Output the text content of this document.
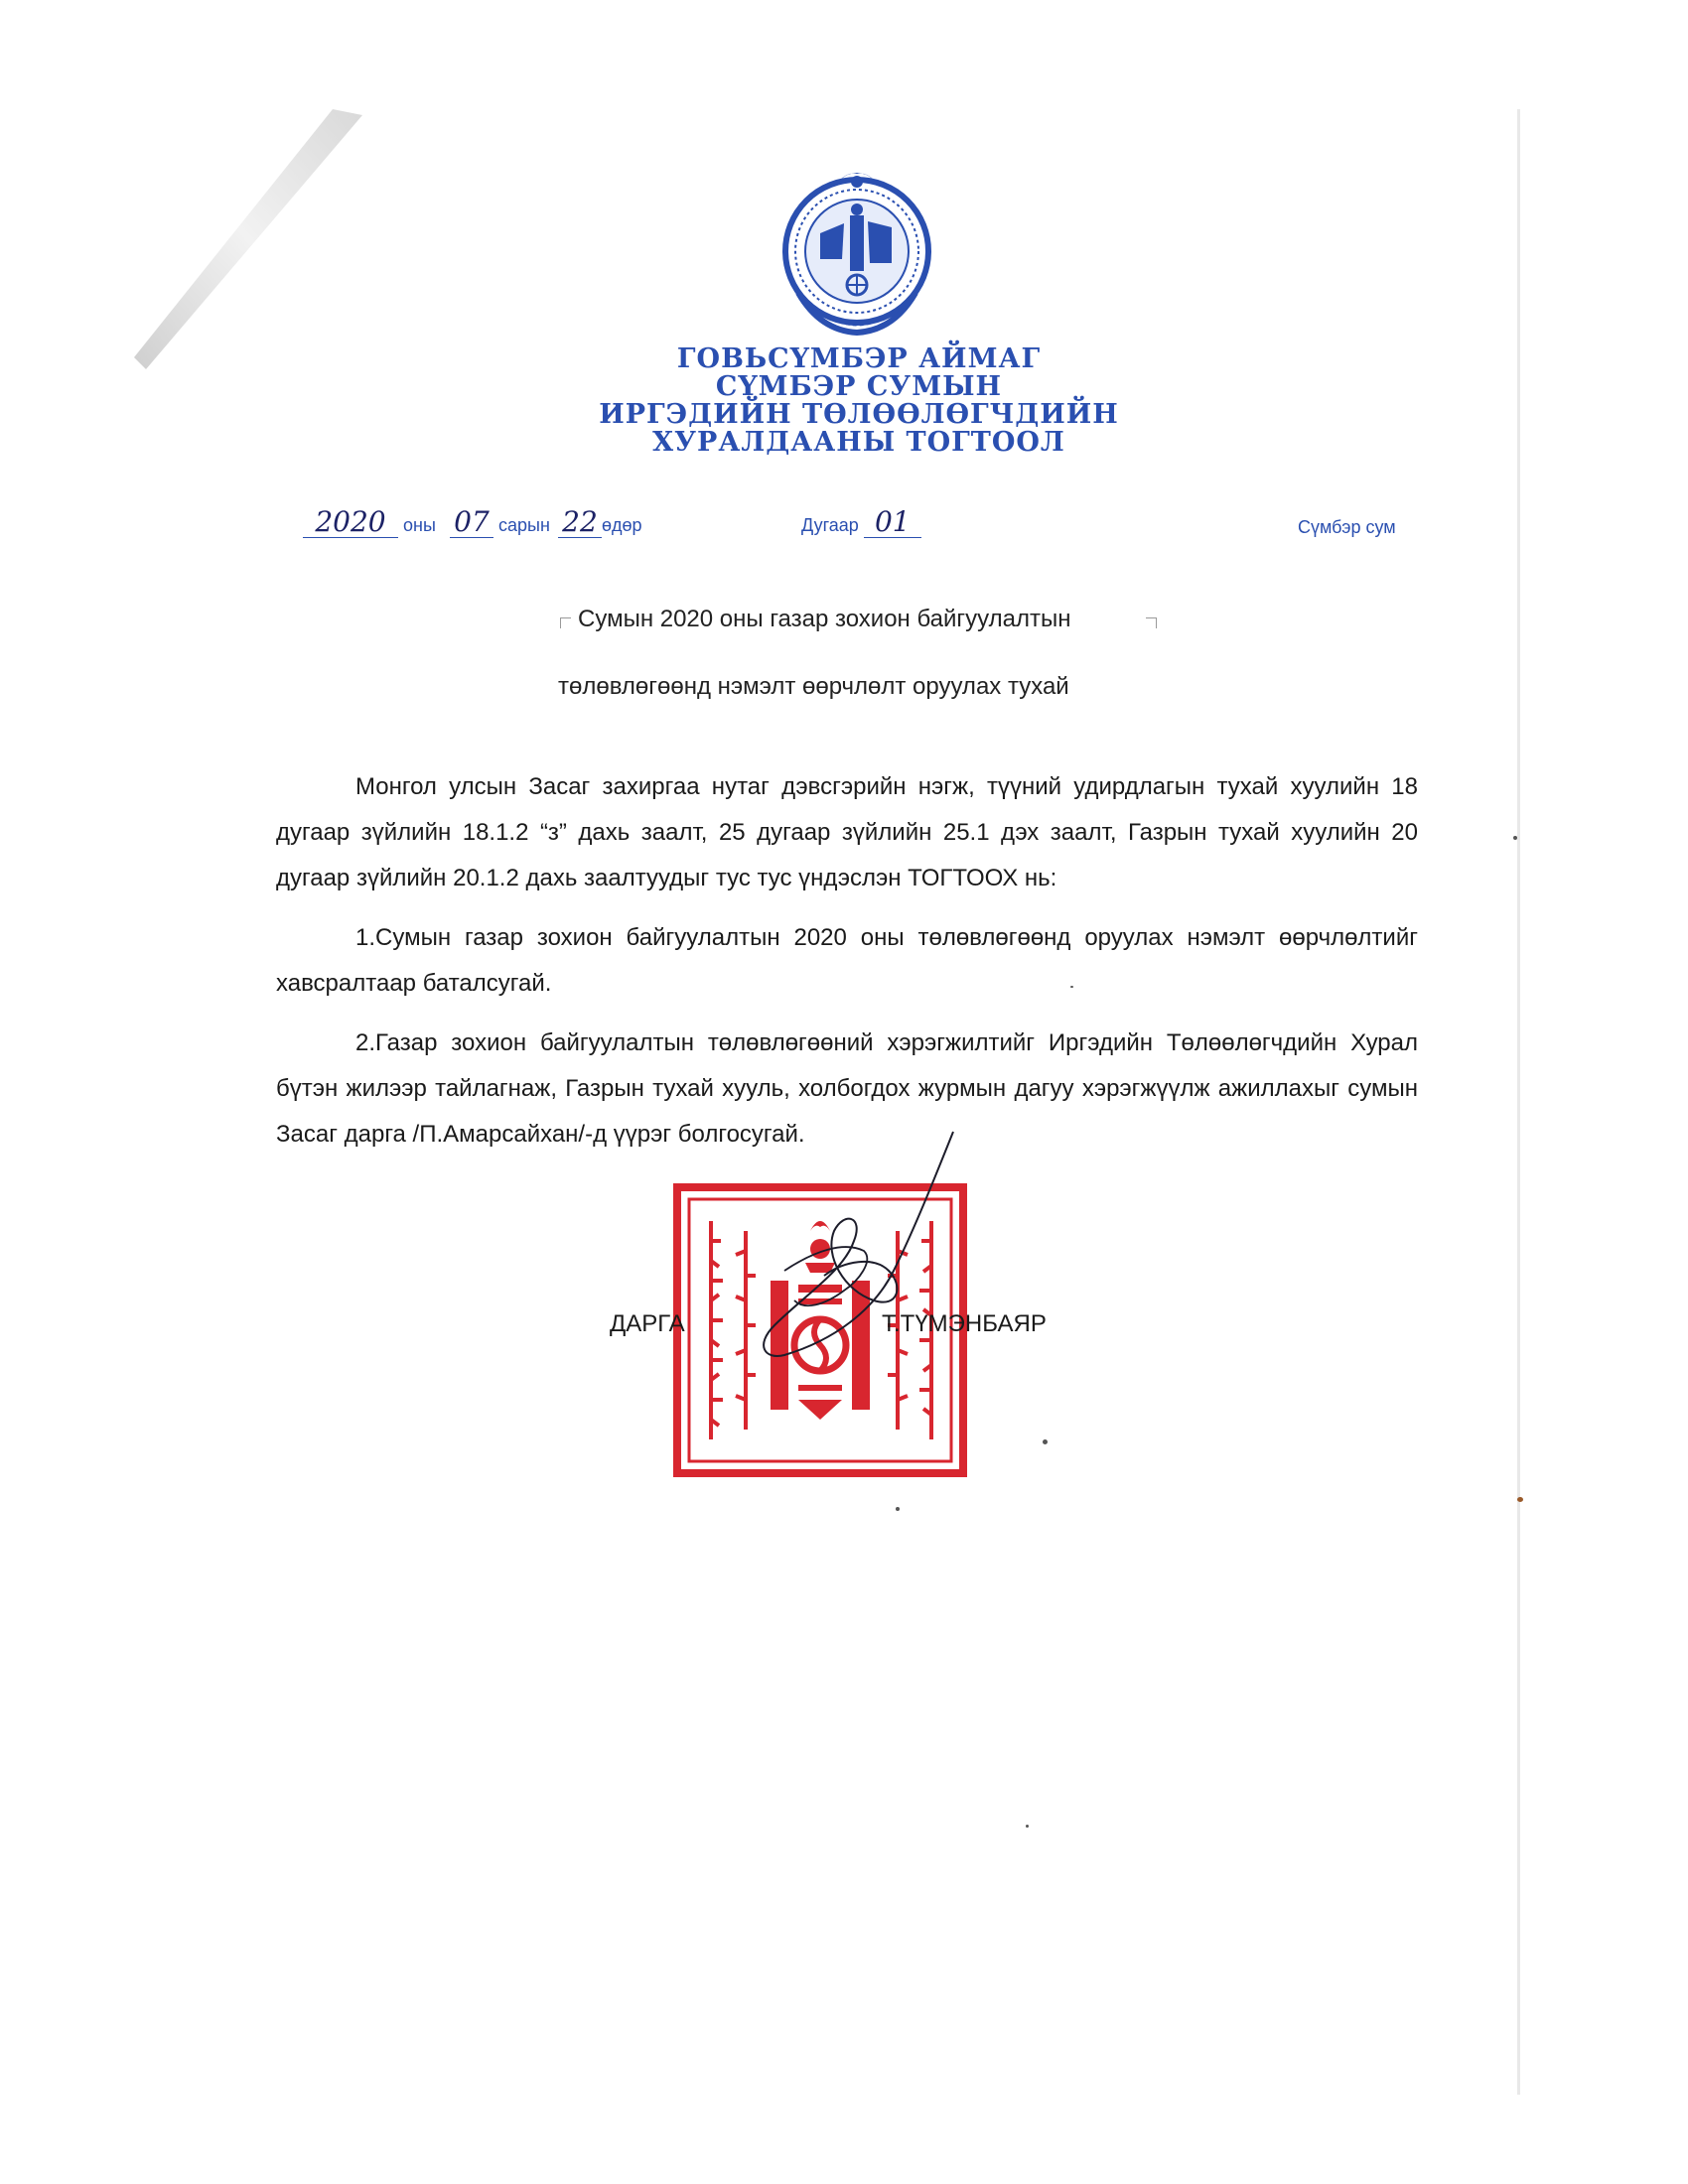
ГОВЬСҮМБЭР АЙМАГ
СҮМБЭР СУМЫН
ИРГЭДИЙН ТӨЛӨӨЛӨГЧДИЙН
ХУРАЛДААНЫ ТОГТООЛ
2020 оны 07 сарын 22 өдөр	Дугаар 01	Сүмбэр сум
Сумын 2020 оны газар зохион байгуулалтын
төлөвлөгөөнд нэмэлт өөрчлөлт оруулах тухай

Монгол улсын Засаг захиргаа нутаг дэвсгэрийн нэгж, түүний удирдлагын тухай хуулийн 18 дугаар зүйлийн 18.1.2 “з” дахь заалт, 25 дугаар зүйлийн 25.1 дэх заалт, Газрын тухай хуулийн 20 дугаар зүйлийн 20.1.2 дахь заалтуудыг тус тус үндэслэн ТОГТООХ нь:

1.Сумын газар зохион байгуулалтын 2020 оны төлөвлөгөөнд оруулах нэмэлт өөрчлөлтийг хавсралтаар баталсугай.

2.Газар зохион байгуулалтын төлөвлөгөөний хэрэгжилтийг Иргэдийн Төлөөлөгчдийн Хурал бүтэн жилээр тайлагнаж, Газрын тухай хууль, холбогдох журмын дагуу хэрэгжүүлж ажиллахыг сумын Засаг дарга /П.Амарсайхан/-д үүрэг болгосугай.

ДАРГА	Т.ТҮМЭНБАЯР
